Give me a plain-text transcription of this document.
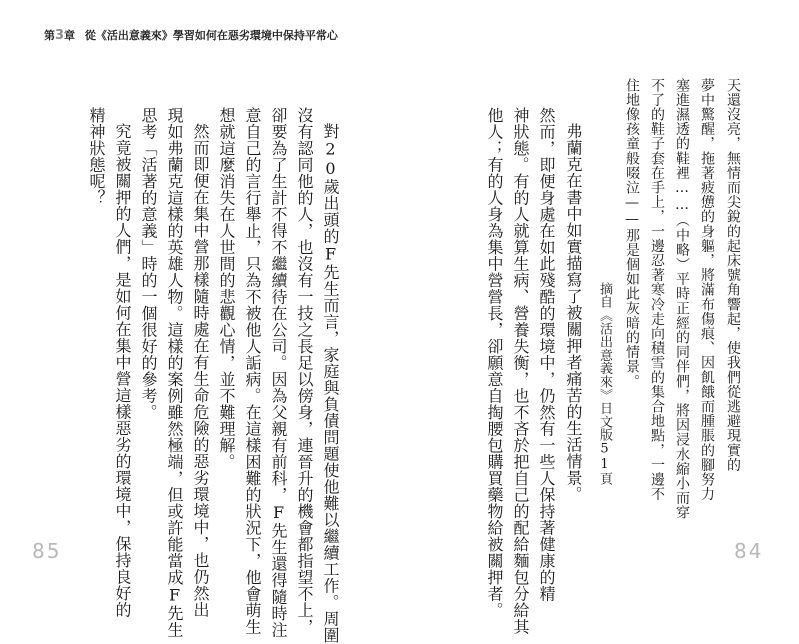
第3章 從《活出意義來》學習如何在惡劣環境中保持平常心
天還沒亮，無情而尖銳的起床號角響起，使我們從逃避現實的
夢中驚醒，拖著疲憊的身軀，將滿布傷痕、因飢餓而腫脹的腳努力
塞進濕透的鞋裡……（中略）平時正經的同伴們，將因浸水縮小而穿
不了的鞋子套在手上，一邊忍著寒冷走向積雪的集合地點，一邊不
住地像孩童般啜泣——那是個如此灰暗的情景。
摘自《活出意義來》日文版51頁
弗蘭克在書中如實描寫了被關押者痛苦的生活情景。
然而，即便身處在如此殘酷的環境中，仍然有一些人保持著健康的精
神狀態。有的人就算生病、營養失衡，也不吝於把自己的配給麵包分給其
他人；有的人身為集中營營長，卻願意自掏腰包購買藥物給被關押者。
對20歲出頭的F先生而言，家庭與負債問題使他難以繼續工作。周圍
沒有認同他的人，也沒有一技之長足以傍身，連晉升的機會都指望不上，
卻要為了生計不得不繼續待在公司。因為父親有前科，F先生還得隨時注
意自己的言行舉止，只為不被他人詬病。在這樣困難的狀況下，他會萌生
想就這麼消失在人世間的悲觀心情，並不難理解。
然而即便在集中營那樣隨時處在有生命危險的惡劣環境中，也仍然出
現如弗蘭克這樣的英雄人物。這樣的案例雖然極端，但或許能當成F先生
思考「活著的意義」時的一個很好的參考。
究竟被關押的人們，是如何在集中營這樣惡劣的環境中，保持良好的
精神狀態呢？
85	84
